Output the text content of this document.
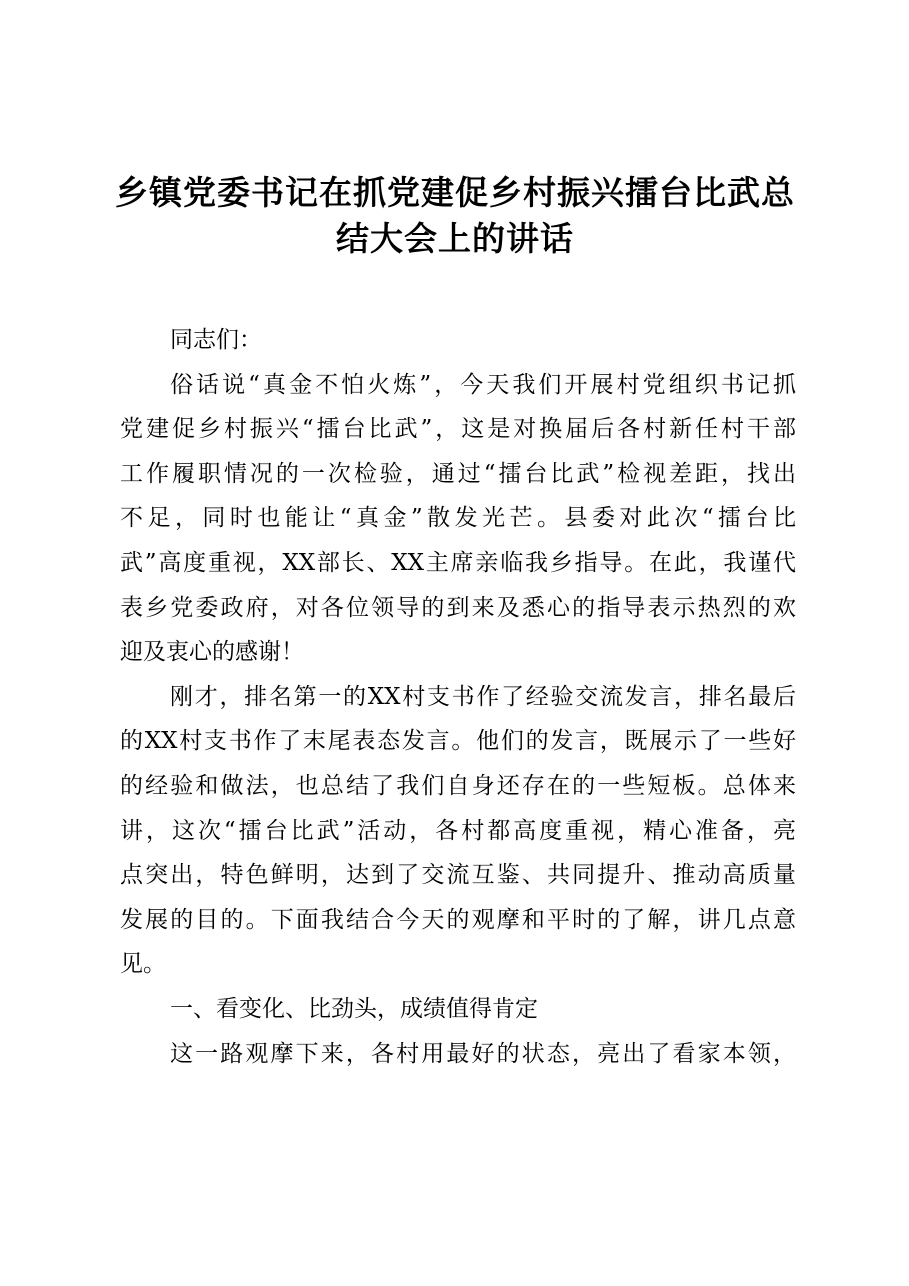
乡镇党委书记在抓党建促乡村振兴擂台比武总
结大会上的讲话
同志们：
俗话说“真金不怕火炼”，今天我们开展村党组织书记抓
党建促乡村振兴“擂台比武”，这是对换届后各村新任村干部
工作履职情况的一次检验，通过“擂台比武”检视差距，找出
不足，同时也能让“真金”散发光芒。县委对此次“擂台比
武”高度重视，XX部长、XX主席亲临我乡指导。在此，我谨代
表乡党委政府，对各位领导的到来及悉心的指导表示热烈的欢
迎及衷心的感谢！
刚才，排名第一的XX村支书作了经验交流发言，排名最后
的XX村支书作了末尾表态发言。他们的发言，既展示了一些好
的经验和做法，也总结了我们自身还存在的一些短板。总体来
讲，这次“擂台比武”活动，各村都高度重视，精心准备，亮
点突出，特色鲜明，达到了交流互鉴、共同提升、推动高质量
发展的目的。下面我结合今天的观摩和平时的了解，讲几点意
见。
一、看变化、比劲头，成绩值得肯定
这一路观摩下来，各村用最好的状态，亮出了看家本领，
